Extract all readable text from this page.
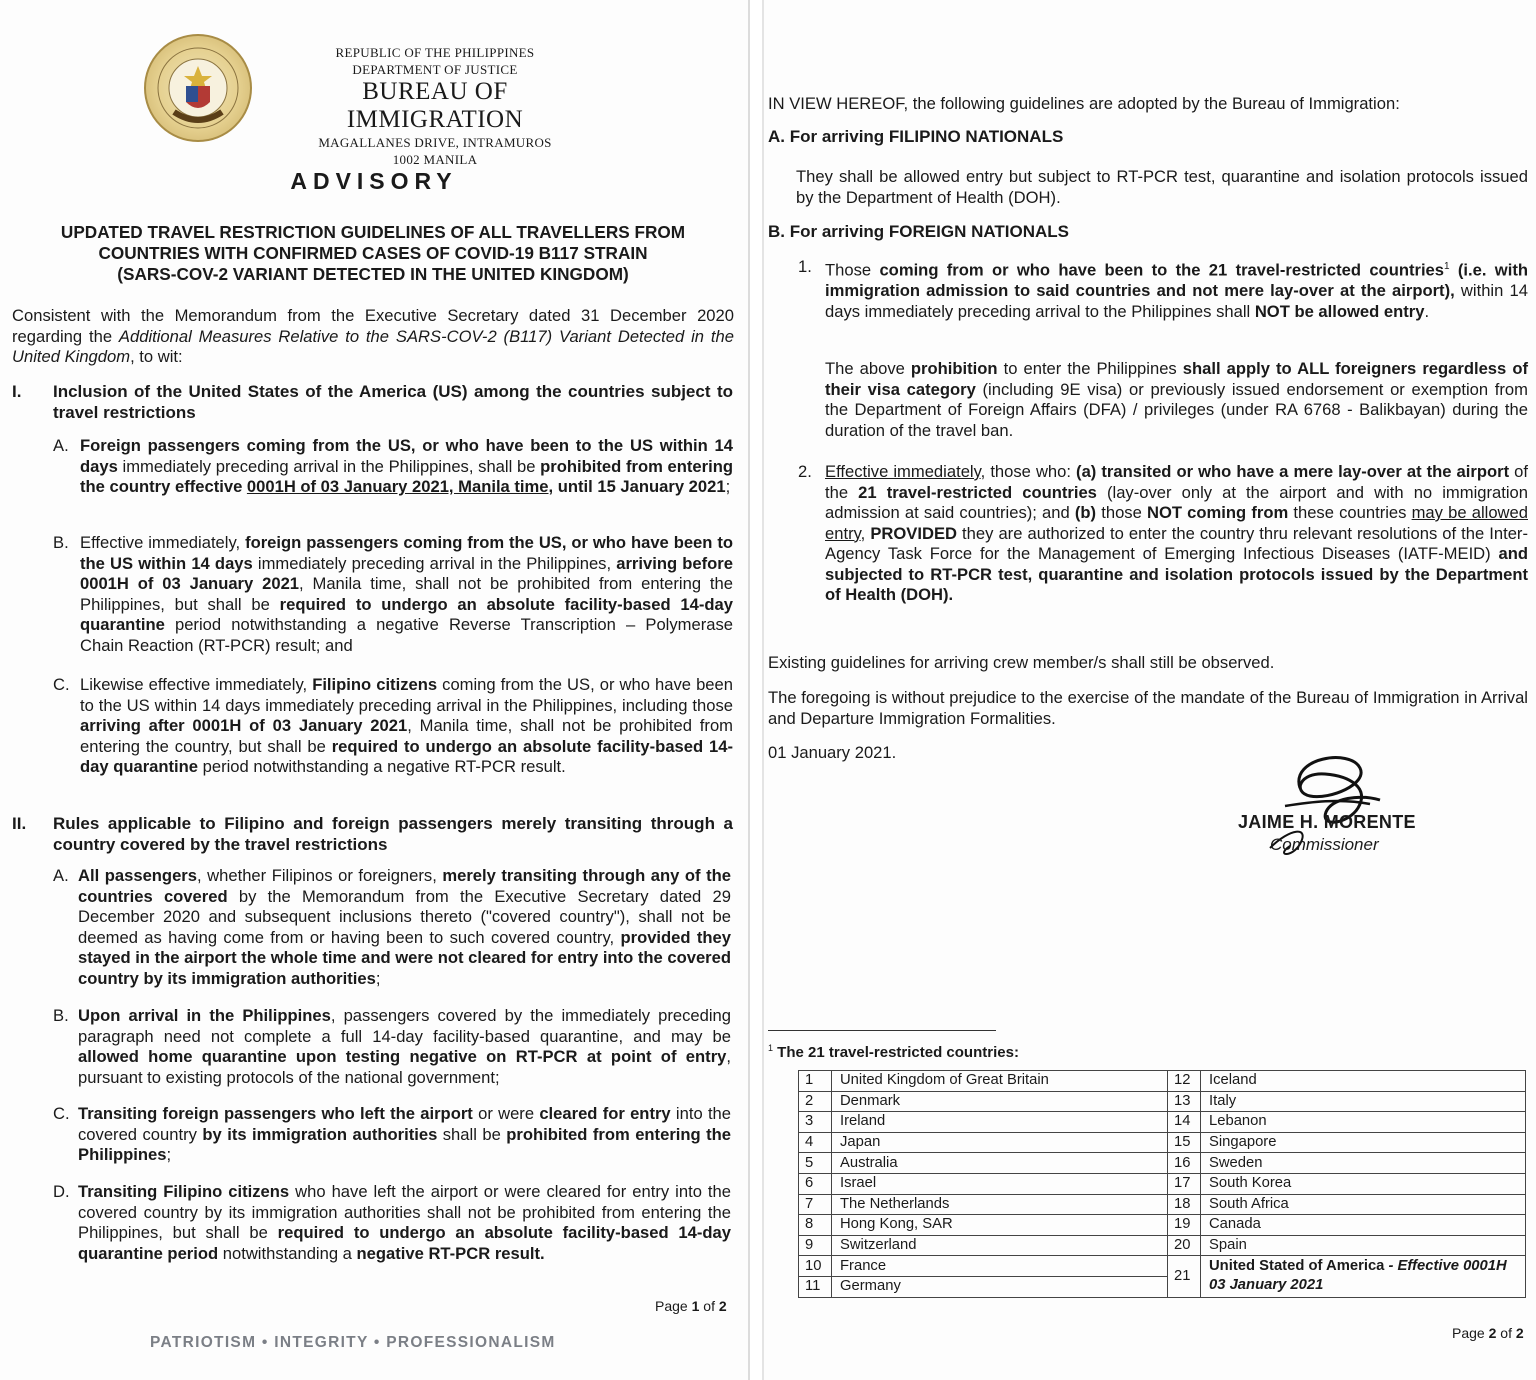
REPUBLIC OF THE PHILIPPINES
DEPARTMENT OF JUSTICE
BUREAU OF IMMIGRATION
MAGALLANES DRIVE, INTRAMUROS
1002 MANILA
ADVISORY
UPDATED TRAVEL RESTRICTION GUIDELINES OF ALL TRAVELLERS FROM
COUNTRIES WITH CONFIRMED CASES OF COVID-19 B117 STRAIN
(SARS-COV-2 VARIANT DETECTED IN THE UNITED KINGDOM)
Consistent with the Memorandum from the Executive Secretary dated 31 December 2020 regarding the Additional Measures Relative to the SARS-COV-2 (B117) Variant Detected in the United Kingdom, to wit:
I. Inclusion of the United States of the America (US) among the countries subject to travel restrictions
A. Foreign passengers coming from the US, or who have been to the US within 14 days immediately preceding arrival in the Philippines, shall be prohibited from entering the country effective 0001H of 03 January 2021, Manila time, until 15 January 2021;
B. Effective immediately, foreign passengers coming from the US, or who have been to the US within 14 days immediately preceding arrival in the Philippines, arriving before 0001H of 03 January 2021, Manila time, shall not be prohibited from entering the Philippines, but shall be required to undergo an absolute facility-based 14-day quarantine period notwithstanding a negative Reverse Transcription – Polymerase Chain Reaction (RT-PCR) result; and
C. Likewise effective immediately, Filipino citizens coming from the US, or who have been to the US within 14 days immediately preceding arrival in the Philippines, including those arriving after 0001H of 03 January 2021, Manila time, shall not be prohibited from entering the country, but shall be required to undergo an absolute facility-based 14-day quarantine period notwithstanding a negative RT-PCR result.
II. Rules applicable to Filipino and foreign passengers merely transiting through a country covered by the travel restrictions
A. All passengers, whether Filipinos or foreigners, merely transiting through any of the countries covered by the Memorandum from the Executive Secretary dated 29 December 2020 and subsequent inclusions thereto ("covered country"), shall not be deemed as having come from or having been to such covered country, provided they stayed in the airport the whole time and were not cleared for entry into the covered country by its immigration authorities;
B. Upon arrival in the Philippines, passengers covered by the immediately preceding paragraph need not complete a full 14-day facility-based quarantine, and may be allowed home quarantine upon testing negative on RT-PCR at point of entry, pursuant to existing protocols of the national government;
C. Transiting foreign passengers who left the airport or were cleared for entry into the covered country by its immigration authorities shall be prohibited from entering the Philippines;
D. Transiting Filipino citizens who have left the airport or were cleared for entry into the covered country by its immigration authorities shall not be prohibited from entering the Philippines, but shall be required to undergo an absolute facility-based 14-day quarantine period notwithstanding a negative RT-PCR result.
Page 1 of 2
PATRIOTISM • INTEGRITY • PROFESSIONALISM
IN VIEW HEREOF, the following guidelines are adopted by the Bureau of Immigration:
A. For arriving FILIPINO NATIONALS
They shall be allowed entry but subject to RT-PCR test, quarantine and isolation protocols issued by the Department of Health (DOH).
B. For arriving FOREIGN NATIONALS
1. Those coming from or who have been to the 21 travel-restricted countries$^1$ (i.e. with immigration admission to said countries and not mere lay-over at the airport), within 14 days immediately preceding arrival to the Philippines shall NOT be allowed entry.
The above prohibition to enter the Philippines shall apply to ALL foreigners regardless of their visa category (including 9E visa) or previously issued endorsement or exemption from the Department of Foreign Affairs (DFA) / privileges (under RA 6768 - Balikbayan) during the duration of the travel ban.
2. Effective immediately, those who: (a) transited or who have a mere lay-over at the airport of the 21 travel-restricted countries (lay-over only at the airport and with no immigration admission at said countries); and (b) those NOT coming from these countries may be allowed entry, PROVIDED they are authorized to enter the country thru relevant resolutions of the Inter-Agency Task Force for the Management of Emerging Infectious Diseases (IATF-MEID) and subjected to RT-PCR test, quarantine and isolation protocols issued by the Department of Health (DOH).
Existing guidelines for arriving crew member/s shall still be observed.
The foregoing is without prejudice to the exercise of the mandate of the Bureau of Immigration in Arrival and Departure Immigration Formalities.
01 January 2021.
JAIME H. MORENTE
Commissioner
$^1$ The 21 travel-restricted countries:
1	United Kingdom of Great Britain	12	Iceland
2	Denmark	13	Italy
3	Ireland	14	Lebanon
4	Japan	15	Singapore
5	Australia	16	Sweden
6	Israel	17	South Korea
7	The Netherlands	18	South Africa
8	Hong Kong, SAR	19	Canada
9	Switzerland	20	Spain
10	France	21	United Stated of America - Effective 0001H 03 January 2021
11	Germany		
Page 2 of 2
